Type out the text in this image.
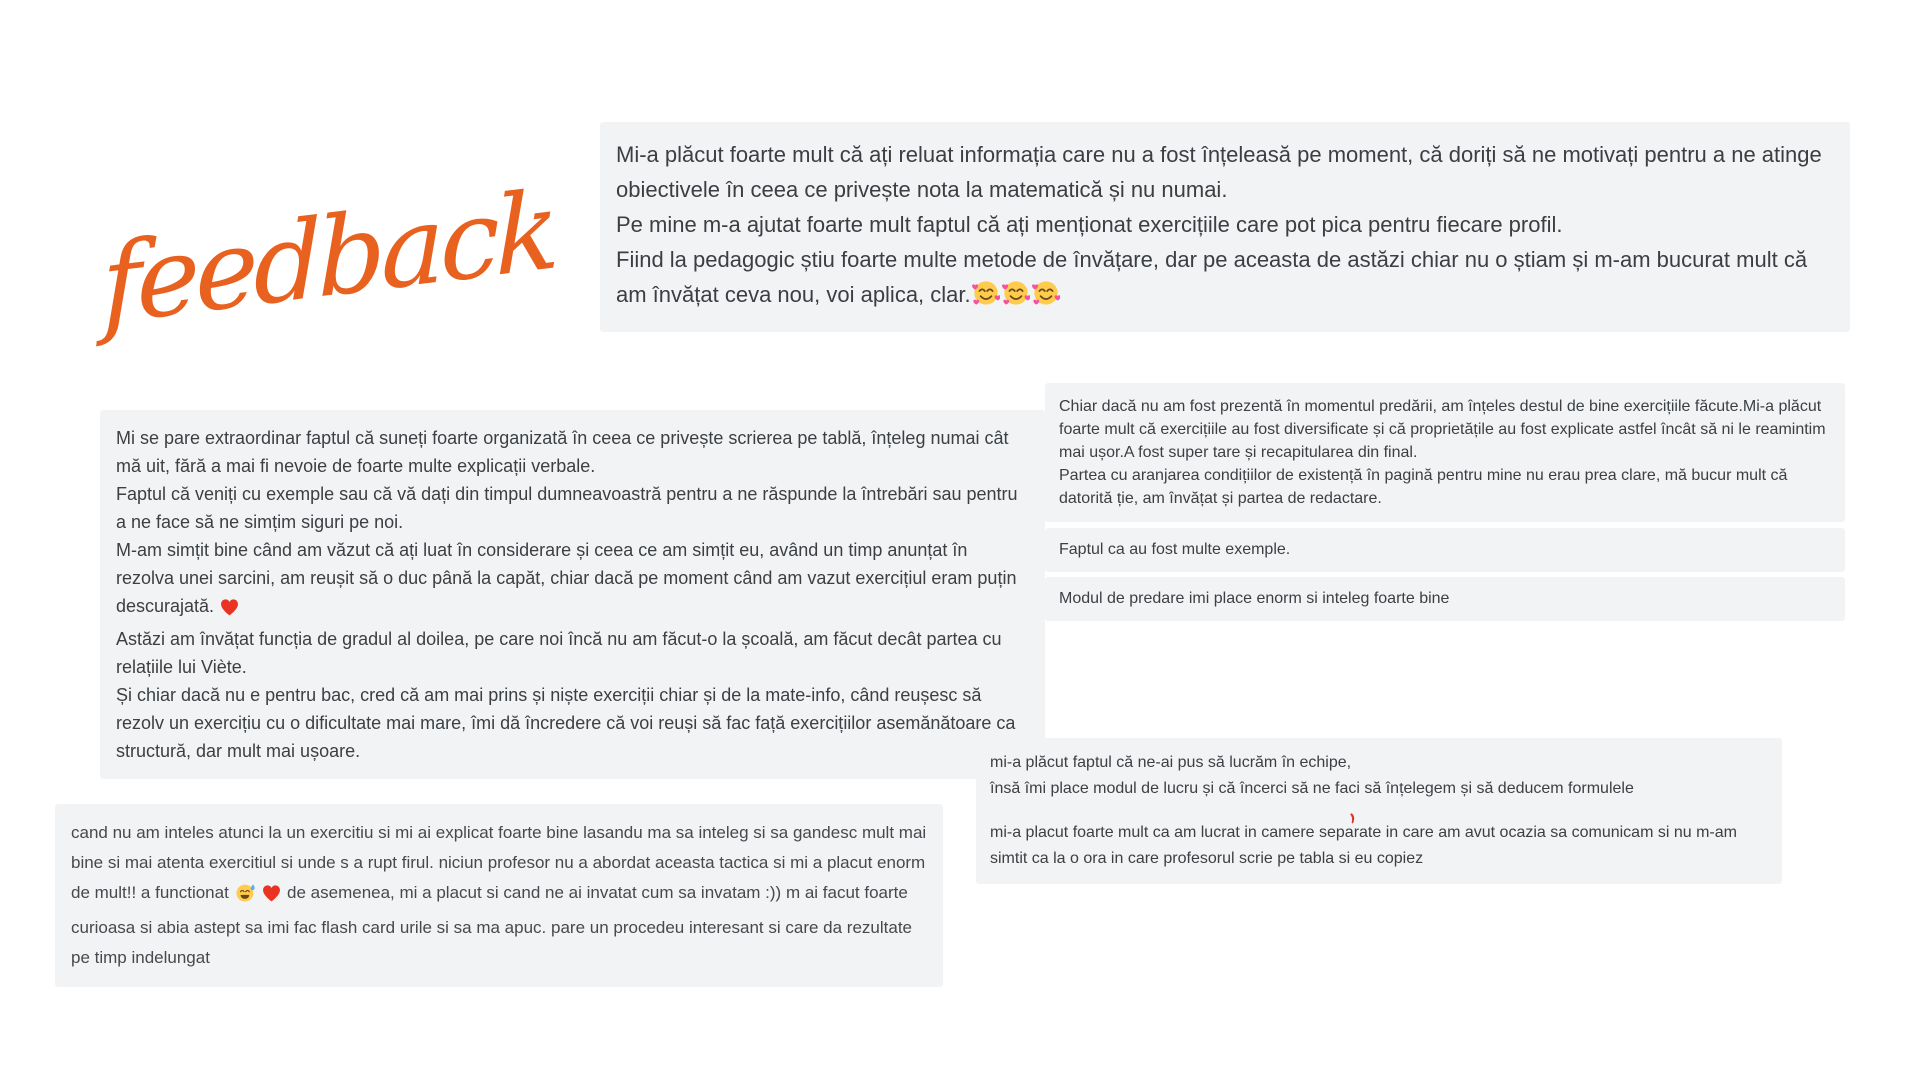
feedback

Mi-a plăcut foarte mult că ați reluat informația care nu a fost înțeleasă pe moment, că doriți să ne motivați pentru a ne atinge obiectivele în ceea ce privește nota la matematică și nu numai.

Pe mine m-a ajutat foarte mult faptul că ați menționat exercițiile care pot pica pentru fiecare profil.

Fiind la pedagogic știu foarte multe metode de învățare, dar pe aceasta de astăzi chiar nu o știam și m-am bucurat mult că am învățat ceva nou, voi aplica, clar.

Mi se pare extraordinar faptul că suneți foarte organizată în ceea ce privește scrierea pe tablă, înțeleg numai cât mă uit, fără a mai fi nevoie de foarte multe explicații verbale.

Faptul că veniți cu exemple sau că vă dați din timpul dumneavoastră pentru a ne răspunde la întrebări sau pentru a ne face să ne simțim siguri pe noi.

M-am simțit bine când am văzut că ați luat în considerare și ceea ce am simțit eu, având un timp anunțat în rezolva unei sarcini, am reușit să o duc până la capăt, chiar dacă pe moment când am vazut exercițiul eram puțin descurajată.

Astăzi am învățat funcția de gradul al doilea, pe care noi încă nu am făcut-o la școală, am făcut decât partea cu relațiile lui Viète.

Și chiar dacă nu e pentru bac, cred că am mai prins și niște exerciții chiar și de la mate-info, când reușesc să rezolv un exercițiu cu o dificultate mai mare, îmi dă încredere că voi reuși să fac față exercițiilor asemănătoare ca structură, dar mult mai ușoare.

Chiar dacă nu am fost prezentă în momentul predării, am înțeles destul de bine exercițiile făcute.Mi-a plăcut foarte mult că exercițiile au fost diversificate și că proprietățile au fost explicate astfel încât să ni le reamintim mai ușor.A fost super tare și recapitularea din final.

Partea cu aranjarea condițiilor de existență în pagină pentru mine nu erau prea clare, mă bucur mult că datorită ție, am învățat și partea de redactare.

Faptul ca au fost multe exemple.

Modul de predare imi place enorm si inteleg foarte bine

mi-a plăcut faptul că ne-ai pus să lucrăm în echipe,

însă îmi place modul de lucru și că încerci să ne faci să înțelegem și să deducem formulele

mi-a placut foarte mult ca am lucrat in camere separate in care am avut ocazia sa comunicam si nu m-am simtit ca la o ora in care profesorul scrie pe tabla si eu copiez

cand nu am inteles atunci la un exercitiu si mi ai explicat foarte bine lasandu ma sa inteleg si sa gandesc mult mai bine si mai atenta exercitiul si unde s a rupt firul. niciun profesor nu a abordat aceasta tactica si mi a placut enorm de mult!! a functionat	de asemenea, mi a placut si cand ne ai invatat cum sa invatam :)) m ai facut foarte curioasa si abia astept sa imi fac flash card urile si sa ma apuc. pare un procedeu interesant si care da rezultate pe timp indelungat
